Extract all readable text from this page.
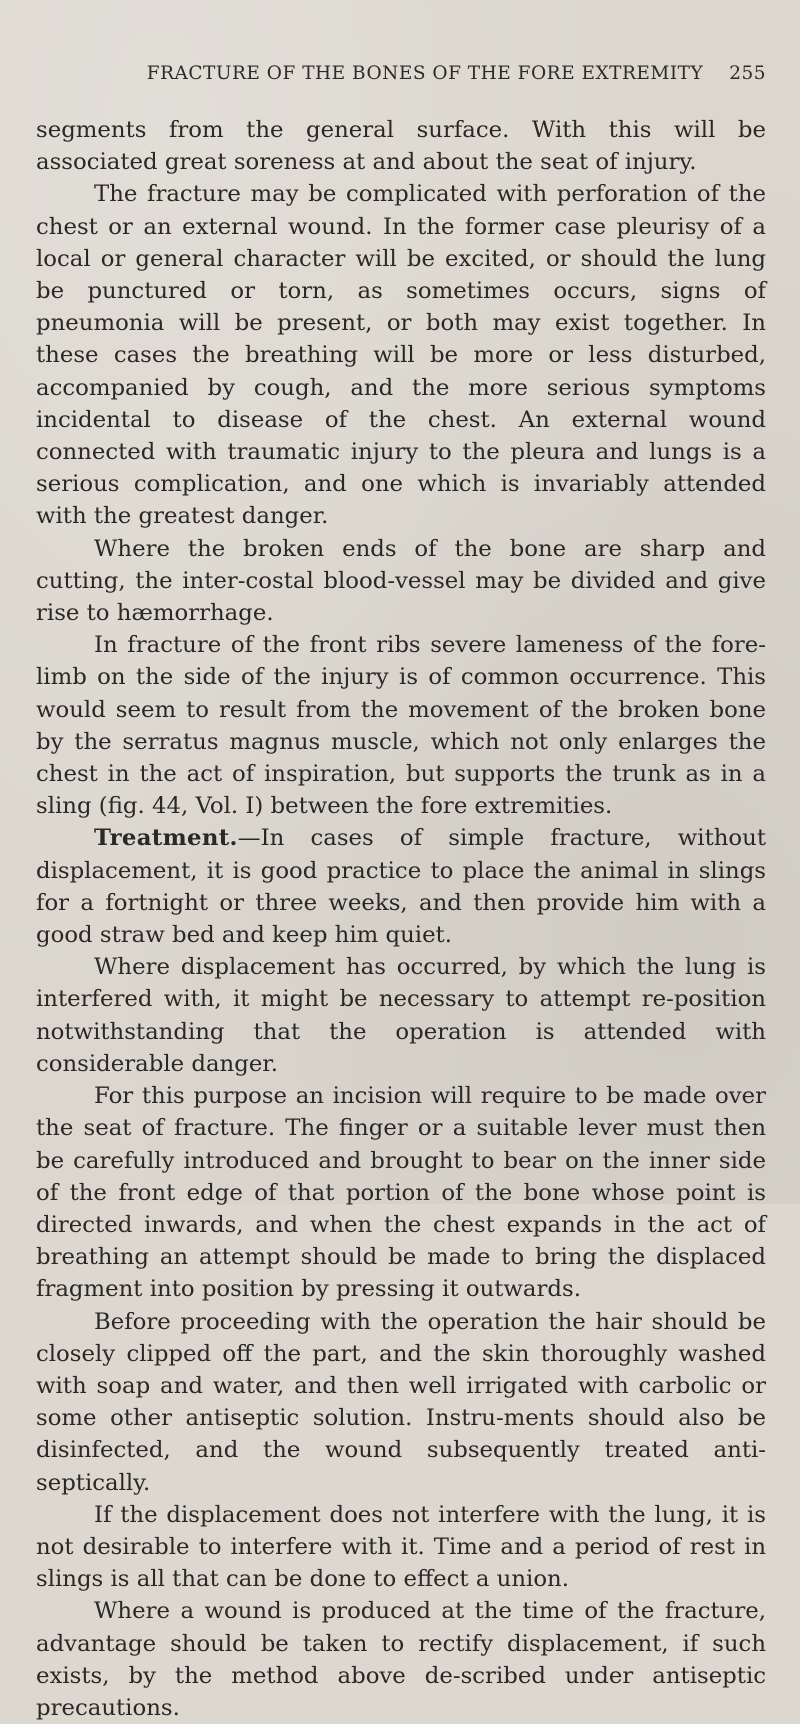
FRACTURE OF THE BONES OF THE FORE EXTREMITY 255

segments from the general surface. With this will be associated great soreness at and about the seat of injury.

The fracture may be complicated with perforation of the chest or an external wound. In the former case pleurisy of a local or general character will be excited, or should the lung be punctured or torn, as sometimes occurs, signs of pneumonia will be present, or both may exist together. In these cases the breathing will be more or less disturbed, accompanied by cough, and the more serious symptoms incidental to disease of the chest. An external wound connected with traumatic injury to the pleura and lungs is a serious complication, and one which is invariably attended with the greatest danger.

Where the broken ends of the bone are sharp and cutting, the inter-costal blood-vessel may be divided and give rise to hæmorrhage.

In fracture of the front ribs severe lameness of the fore-limb on the side of the injury is of common occurrence. This would seem to result from the movement of the broken bone by the serratus magnus muscle, which not only enlarges the chest in the act of inspiration, but supports the trunk as in a sling (fig. 44, Vol. I) between the fore extremities.

Treatment.—In cases of simple fracture, without displacement, it is good practice to place the animal in slings for a fortnight or three weeks, and then provide him with a good straw bed and keep him quiet.

Where displacement has occurred, by which the lung is interfered with, it might be necessary to attempt re-position notwithstanding that the operation is attended with considerable danger.

For this purpose an incision will require to be made over the seat of fracture. The finger or a suitable lever must then be carefully introduced and brought to bear on the inner side of the front edge of that portion of the bone whose point is directed inwards, and when the chest expands in the act of breathing an attempt should be made to bring the displaced fragment into position by pressing it outwards.

Before proceeding with the operation the hair should be closely clipped off the part, and the skin thoroughly washed with soap and water, and then well irrigated with carbolic or some other antiseptic solution. Instru-ments should also be disinfected, and the wound subsequently treated anti-septically.

If the displacement does not interfere with the lung, it is not desirable to interfere with it. Time and a period of rest in slings is all that can be done to effect a union.

Where a wound is produced at the time of the fracture, advantage should be taken to rectify displacement, if such exists, by the method above de-scribed under antiseptic precautions.
